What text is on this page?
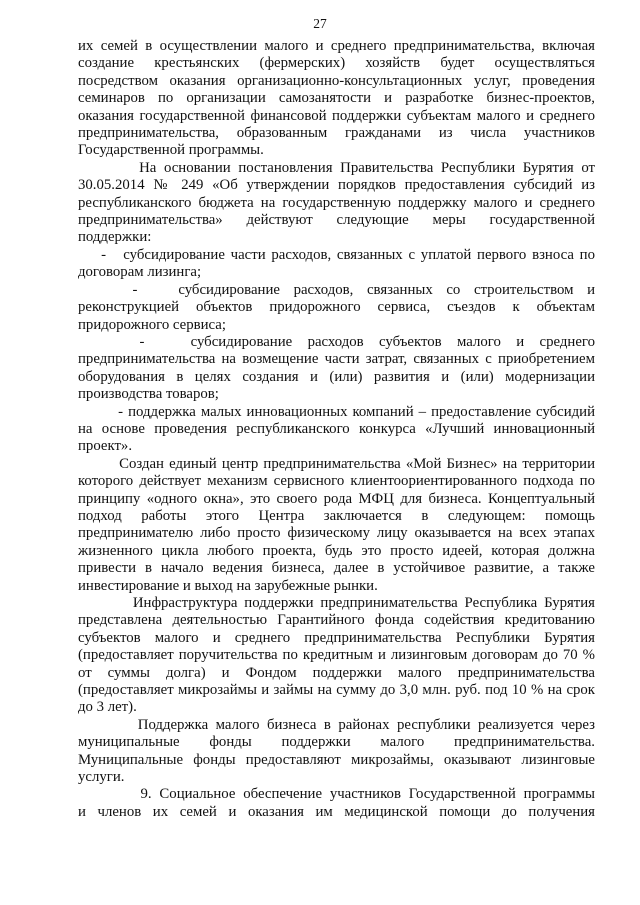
27
их семей в осуществлении малого и среднего предпринимательства, включая
создание крестьянских (фермерских) хозяйств будет осуществляться
посредством оказания организационно-консультационных услуг, проведения
семинаров по организации самозанятости и разработке бизнес-проектов,
оказания государственной финансовой поддержки субъектам малого и среднего
предпринимательства, образованным гражданами из числа участников
Государственной программы.
На основании постановления Правительства Республики Бурятия от
30.05.2014 № 249 «Об утверждении порядков предоставления субсидий из
республиканского бюджета на государственную поддержку малого и среднего
предпринимательства» действуют следующие меры государственной
поддержки:
-   субсидирование части расходов, связанных с уплатой первого взноса по
договорам лизинга;
-   субсидирование расходов, связанных со строительством и
реконструкцией объектов придорожного сервиса, съездов к объектам
придорожного сервиса;
-   субсидирование расходов субъектов малого и среднего
предпринимательства на возмещение части затрат, связанных с приобретением
оборудования в целях создания и (или) развития и (или) модернизации
производства товаров;
- поддержка малых инновационных компаний – предоставление субсидий
на основе проведения республиканского конкурса «Лучший инновационный
проект».
Создан единый центр предпринимательства «Мой Бизнес» на территории
которого действует механизм сервисного клиентоориентированного подхода по
принципу «одного окна», это своего рода МФЦ для бизнеса. Концептуальный
подход работы этого Центра заключается в следующем: помощь
предпринимателю либо просто физическому лицу оказывается на всех этапах
жизненного цикла любого проекта, будь это просто идеей, которая должна
привести в начало ведения бизнеса, далее в устойчивое развитие, а также
инвестирование и выход на зарубежные рынки.
Инфраструктура поддержки предпринимательства Республика Бурятия
представлена деятельностью Гарантийного фонда содействия кредитованию
субъектов малого и среднего предпринимательства Республики Бурятия
(предоставляет поручительства по кредитным и лизинговым договорам до 70 %
от суммы долга) и Фондом поддержки малого предпринимательства
(предоставляет микрозаймы и займы на сумму до 3,0 млн. руб. под 10 % на срок
до 3 лет).
Поддержка малого бизнеса в районах республики реализуется через
муниципальные фонды поддержки малого предпринимательства.
Муниципальные фонды предоставляют микрозаймы, оказывают лизинговые
услуги.
9. Социальное обеспечение участников Государственной программы
и членов их семей и оказания им медицинской помощи до получения
